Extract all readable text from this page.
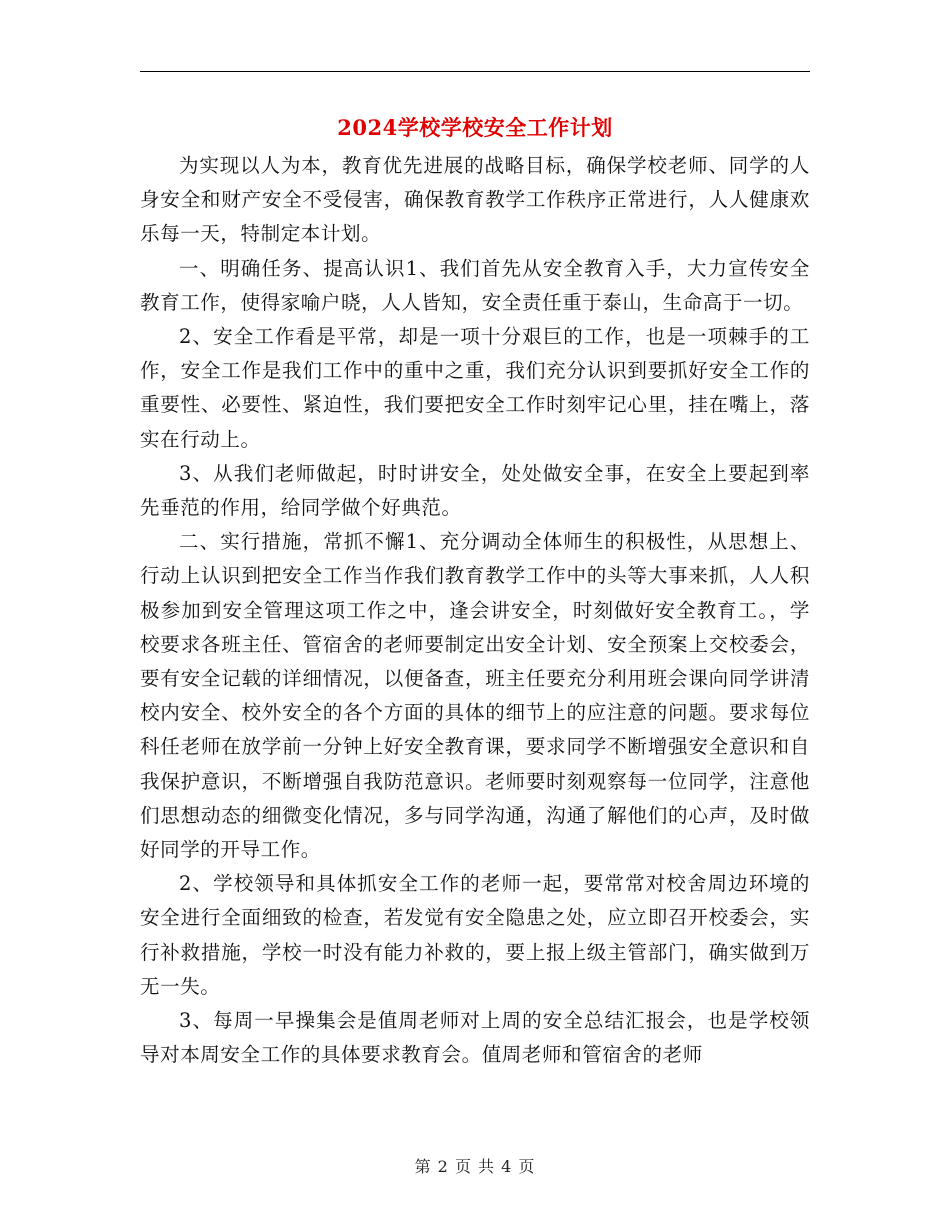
2024学校学校安全工作计划

为实现以人为本，教育优先进展的战略目标，确保学校老师、同学的人身安全和财产安全不受侵害，确保教育教学工作秩序正常进行，人人健康欢乐每一天，特制定本计划。

一、明确任务、提高认识1、我们首先从安全教育入手，大力宣传安全教育工作，使得家喻户晓，人人皆知，安全责任重于泰山，生命高于一切。

2、安全工作看是平常，却是一项十分艰巨的工作，也是一项棘手的工作，安全工作是我们工作中的重中之重，我们充分认识到要抓好安全工作的重要性、必要性、紧迫性，我们要把安全工作时刻牢记心里，挂在嘴上，落实在行动上。

3、从我们老师做起，时时讲安全，处处做安全事，在安全上要起到率先垂范的作用，给同学做个好典范。

二、实行措施，常抓不懈1、充分调动全体师生的积极性，从思想上、行动上认识到把安全工作当作我们教育教学工作中的头等大事来抓，人人积极参加到安全管理这项工作之中，逢会讲安全，时刻做好安全教育工。，学校要求各班主任、管宿舍的老师要制定出安全计划、安全预案上交校委会，要有安全记载的详细情况，以便备查，班主任要充分利用班会课向同学讲清校内安全、校外安全的各个方面的具体的细节上的应注意的问题。要求每位科任老师在放学前一分钟上好安全教育课，要求同学不断增强安全意识和自我保护意识，不断增强自我防范意识。老师要时刻观察每一位同学，注意他们思想动态的细微变化情况，多与同学沟通，沟通了解他们的心声，及时做好同学的开导工作。

2、学校领导和具体抓安全工作的老师一起，要常常对校舍周边环境的安全进行全面细致的检查，若发觉有安全隐患之处，应立即召开校委会，实行补救措施，学校一时没有能力补救的，要上报上级主管部门，确实做到万无一失。

3、每周一早操集会是值周老师对上周的安全总结汇报会，也是学校领导对本周安全工作的具体要求教育会。值周老师和管宿舍的老师

第 2 页 共 4 页
